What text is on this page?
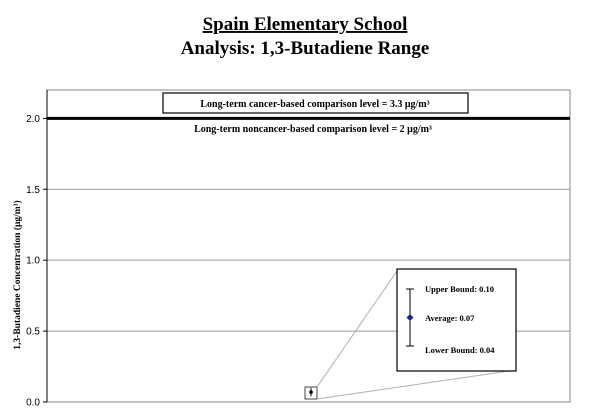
Spain Elementary School
Analysis: 1,3-Butadiene Range
0.0
0.5
1.0
1.5
2.0
1,3-Butadiene Concentration (μg/m³)
Long-term cancer-based comparison level = 3.3 μg/m³
Long-term noncancer-based comparison level = 2 μg/m³
Upper Bound: 0.10
Average: 0.07
Lower Bound: 0.04
